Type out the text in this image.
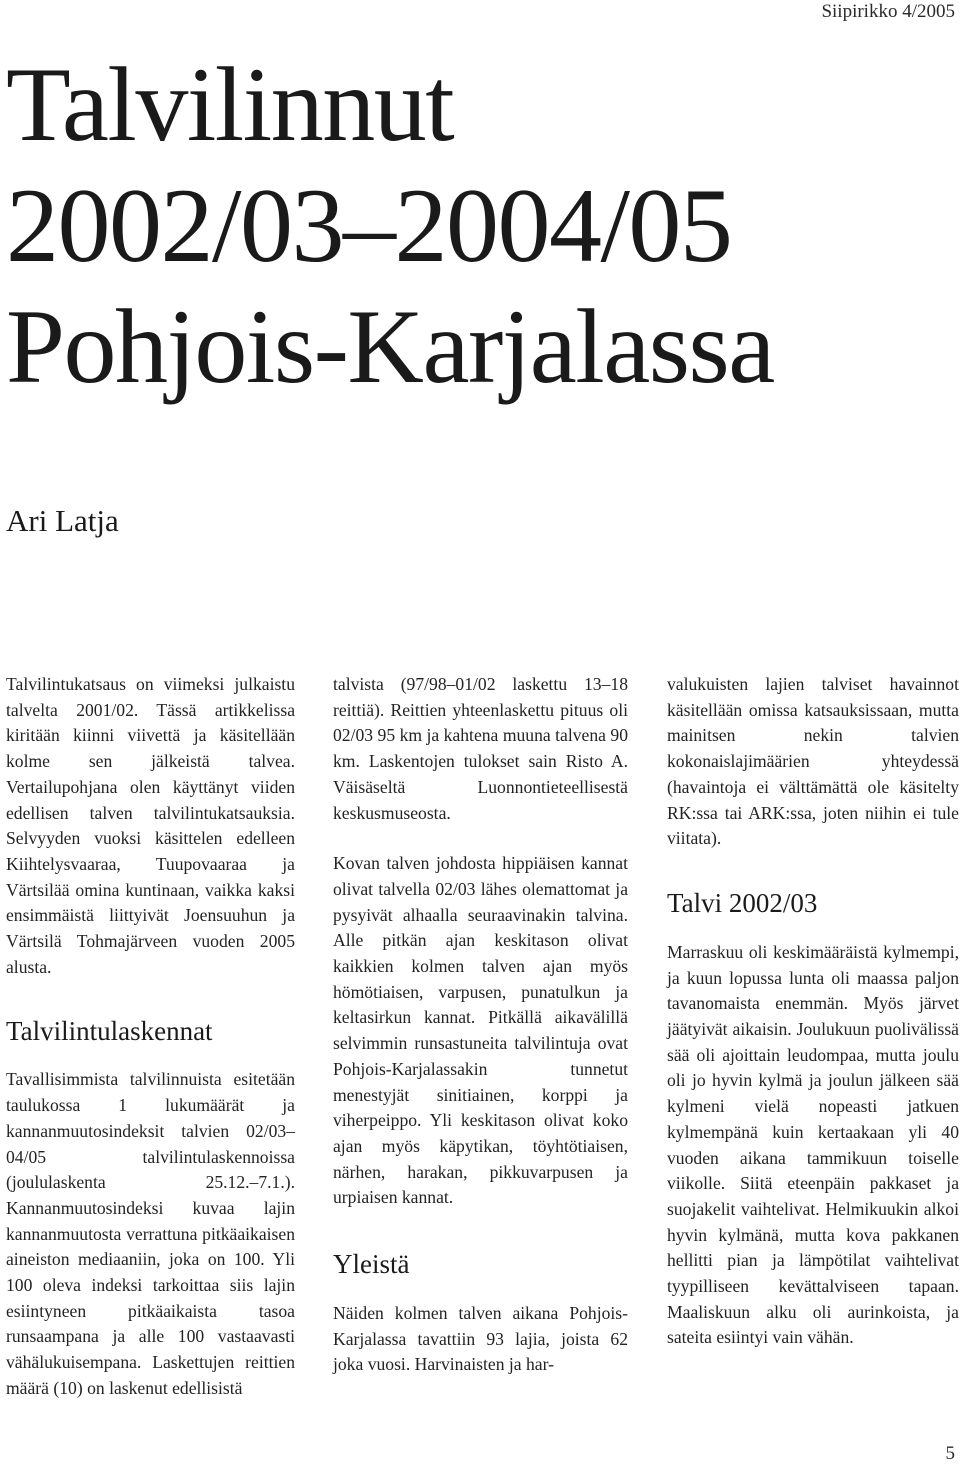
Siipirikko 4/2005
Talvilinnut
2002/03–2004/05
Pohjois-Karjalassa
Ari Latja

Talvilintukatsaus on viimeksi julkaistu talvelta 2001/02. Tässä artikkelissa kiritään kiinni viivettä ja käsitellään kolme sen jälkeistä talvea. Vertailupohjana olen käyttänyt viiden edellisen talven talvilintukatsauksia. Selvyyden vuoksi käsittelen edelleen Kiihtelysvaaraa, Tuupovaaraa ja Värtsilää omina kuntinaan, vaikka kaksi ensimmäistä liittyivät Joensuuhun ja Värtsilä Tohmajärveen vuoden 2005 alusta.

Talvilintulaskennat

Tavallisimmista talvilinnuista esitetään taulukossa 1 lukumäärät ja kannanmuutosindeksit talvien 02/03–04/05 talvilintulaskennoissa (joululaskenta 25.12.–7.1.). Kannanmuutosindeksi kuvaa lajin kannanmuutosta verrattuna pitkäaikaisen aineiston mediaaniin, joka on 100. Yli 100 oleva indeksi tarkoittaa siis lajin esiintyneen pitkäaikaista tasoa runsaampana ja alle 100 vastaavasti vähälukuisempana. Laskettujen reittien määrä (10) on laskenut edellisistä

talvista (97/98–01/02 laskettu 13–18 reittiä). Reittien yhteenlaskettu pituus oli 02/03 95 km ja kahtena muuna talvena 90 km. Laskentojen tulokset sain Risto A. Väisäseltä Luonnontieteellisestä keskusmuseosta.

Kovan talven johdosta hippiäisen kannat olivat talvella 02/03 lähes olemattomat ja pysyivät alhaalla seuraavinakin talvina. Alle pitkän ajan keskitason olivat kaikkien kolmen talven ajan myös hömötiaisen, varpusen, punatulkun ja keltasirkun kannat. Pitkällä aikavälillä selvimmin runsastuneita talvilintuja ovat Pohjois-Karjalassakin tunnetut menestyjät sinitiainen, korppi ja viherpeippo. Yli keskitason olivat koko ajan myös käpytikan, töyhtötiaisen, närhen, harakan, pikkuvarpusen ja urpiaisen kannat.

Yleistä

Näiden kolmen talven aikana Pohjois-Karjalassa tavattiin 93 lajia, joista 62 joka vuosi. Harvinaisten ja har-

valukuisten lajien talviset havainnot käsitellään omissa katsauksissaan, mutta mainitsen nekin talvien kokonaislajimäärien yhteydessä (havaintoja ei välttämättä ole käsitelty RK:ssa tai ARK:ssa, joten niihin ei tule viitata).

Talvi 2002/03

Marraskuu oli keskimääräistä kylmempi, ja kuun lopussa lunta oli maassa paljon tavanomaista enemmän. Myös järvet jäätyivät aikaisin. Joulukuun puolivälissä sää oli ajoittain leudompaa, mutta joulu oli jo hyvin kylmä ja joulun jälkeen sää kylmeni vielä nopeasti jatkuen kylmempänä kuin kertaakaan yli 40 vuoden aikana tammikuun toiselle viikolle. Siitä eteenpäin pakkaset ja suojakelit vaihtelivat. Helmikuukin alkoi hyvin kylmänä, mutta kova pakkanen hellitti pian ja lämpötilat vaihtelivat tyypilliseen kevättalviseen tapaan. Maaliskuun alku oli aurinkoista, ja sateita esiintyi vain vähän.

5
